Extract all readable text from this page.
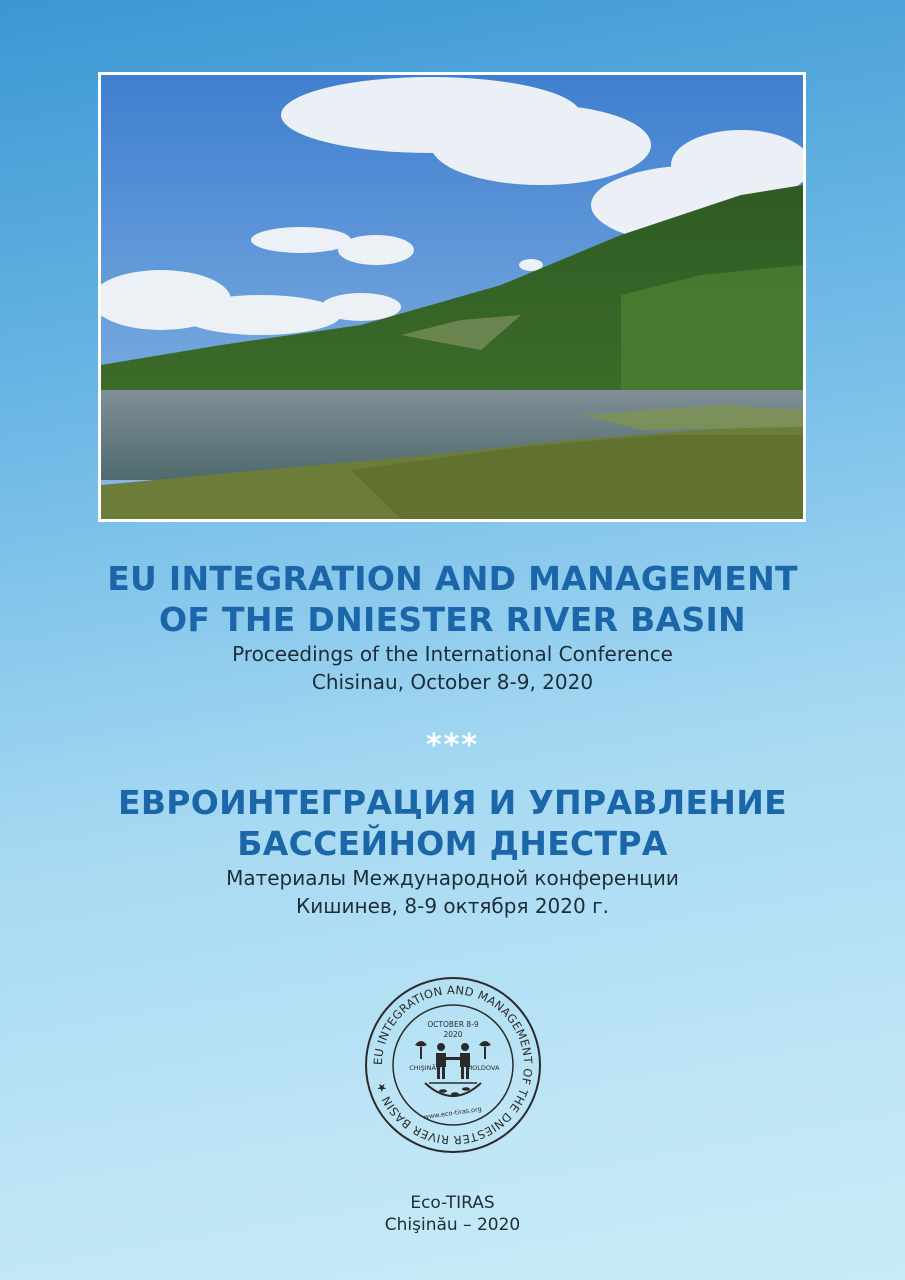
EU INTEGRATION AND MANAGEMENT
OF THE DNIESTER RIVER BASIN

Proceedings of the International Conference

Chisinau, October 8-9, 2020

***
ЕВРОИНТЕГРАЦИЯ И УПРАВЛЕНИЕ
БАССЕЙНОМ ДНЕСТРА

Материалы Международной конференции

Кишинев, 8-9 октября 2020 г.

EU INTEGRATION AND MANAGEMENT OF THE DNIESTER RIVER BASIN ★
OCTOBER 8-9
2020
CHIŞINĂU	MOLDOVA
www.eco-tiras.org
Eco-TIRAS
Chişinău – 2020
